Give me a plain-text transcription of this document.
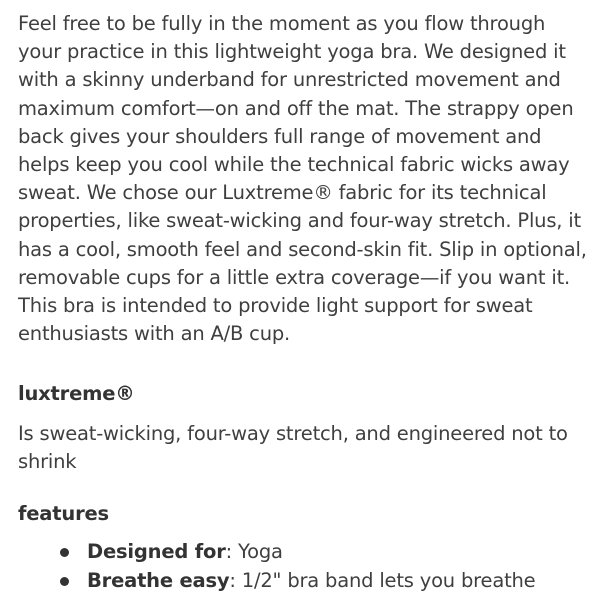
Feel free to be fully in the moment as you flow through your practice in this lightweight yoga bra. We designed it with a skinny underband for unrestricted movement and maximum comfort—on and off the mat. The strappy open back gives your shoulders full range of movement and helps keep you cool while the technical fabric wicks away sweat. We chose our Luxtreme® fabric for its technical properties, like sweat-wicking and four-way stretch. Plus, it has a cool, smooth feel and second-skin fit. Slip in optional, removable cups for a little extra coverage—if you want it. This bra is intended to provide light support for sweat enthusiasts with an A/B cup.

luxtreme®

Is sweat-wicking, four-way stretch, and engineered not to shrink

features
Designed for: Yoga
Breathe easy: 1/2" bra band lets you breathe
